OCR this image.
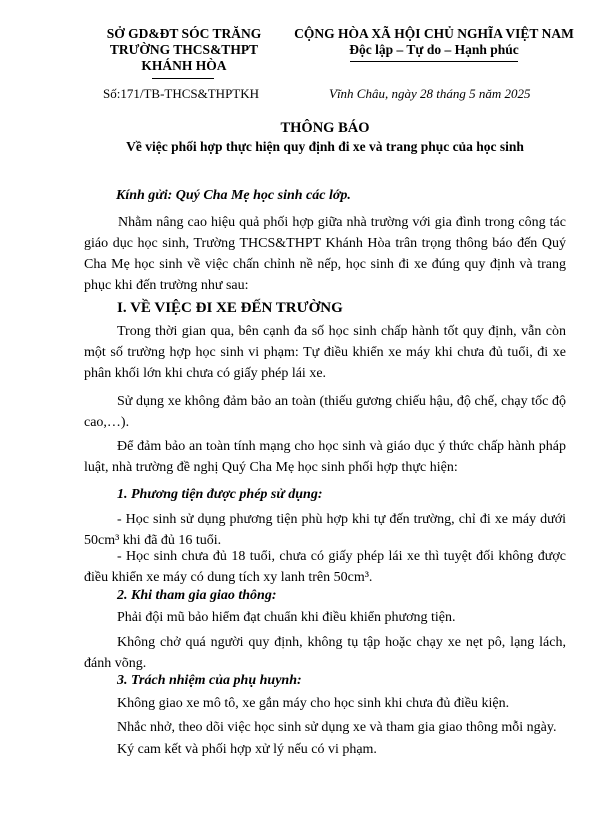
SỞ GD&ĐT SÓC TRĂNG
TRƯỜNG THCS&THPT
KHÁNH HÒA
CỘNG HÒA XÃ HỘI CHỦ NGHĨA VIỆT NAM
Độc lập – Tự do – Hạnh phúc
Số:171/TB-THCS&THPTKH	Vĩnh Châu, ngày 28 tháng 5 năm 2025
THÔNG BÁO
Về việc phối hợp thực hiện quy định đi xe và trang phục của học sinh
Kính gửi: Quý Cha Mẹ học sinh các lớp.
Nhằm nâng cao hiệu quả phối hợp giữa nhà trường với gia đình trong công tác giáo dục học sinh, Trường THCS&THPT Khánh Hòa trân trọng thông báo đến Quý Cha Mẹ học sinh về việc chấn chỉnh nề nếp, học sinh đi xe đúng quy định và trang phục khi đến trường như sau:
I. VỀ VIỆC ĐI XE ĐẾN TRƯỜNG
Trong thời gian qua, bên cạnh đa số học sinh chấp hành tốt quy định, vẫn còn một số trường hợp học sinh vi phạm: Tự điều khiển xe máy khi chưa đủ tuổi, đi xe phân khối lớn khi chưa có giấy phép lái xe.
Sử dụng xe không đảm bảo an toàn (thiếu gương chiếu hậu, độ chế, chạy tốc độ cao,…).
Để đảm bảo an toàn tính mạng cho học sinh và giáo dục ý thức chấp hành pháp luật, nhà trường đề nghị Quý Cha Mẹ học sinh phối hợp thực hiện:
1. Phương tiện được phép sử dụng:
- Học sinh sử dụng phương tiện phù hợp khi tự đến trường, chỉ đi xe máy dưới 50cm³ khi đã đủ 16 tuổi.
- Học sinh chưa đủ 18 tuổi, chưa có giấy phép lái xe thì tuyệt đối không được điều khiển xe máy có dung tích xy lanh trên 50cm³.
2. Khi tham gia giao thông:
Phải đội mũ bảo hiểm đạt chuẩn khi điều khiển phương tiện.
Không chở quá người quy định, không tụ tập hoặc chạy xe nẹt pô, lạng lách, đánh võng.
3. Trách nhiệm của phụ huynh:
Không giao xe mô tô, xe gắn máy cho học sinh khi chưa đủ điều kiện.
Nhắc nhở, theo dõi việc học sinh sử dụng xe và tham gia giao thông mỗi ngày.
Ký cam kết và phối hợp xử lý nếu có vi phạm.
